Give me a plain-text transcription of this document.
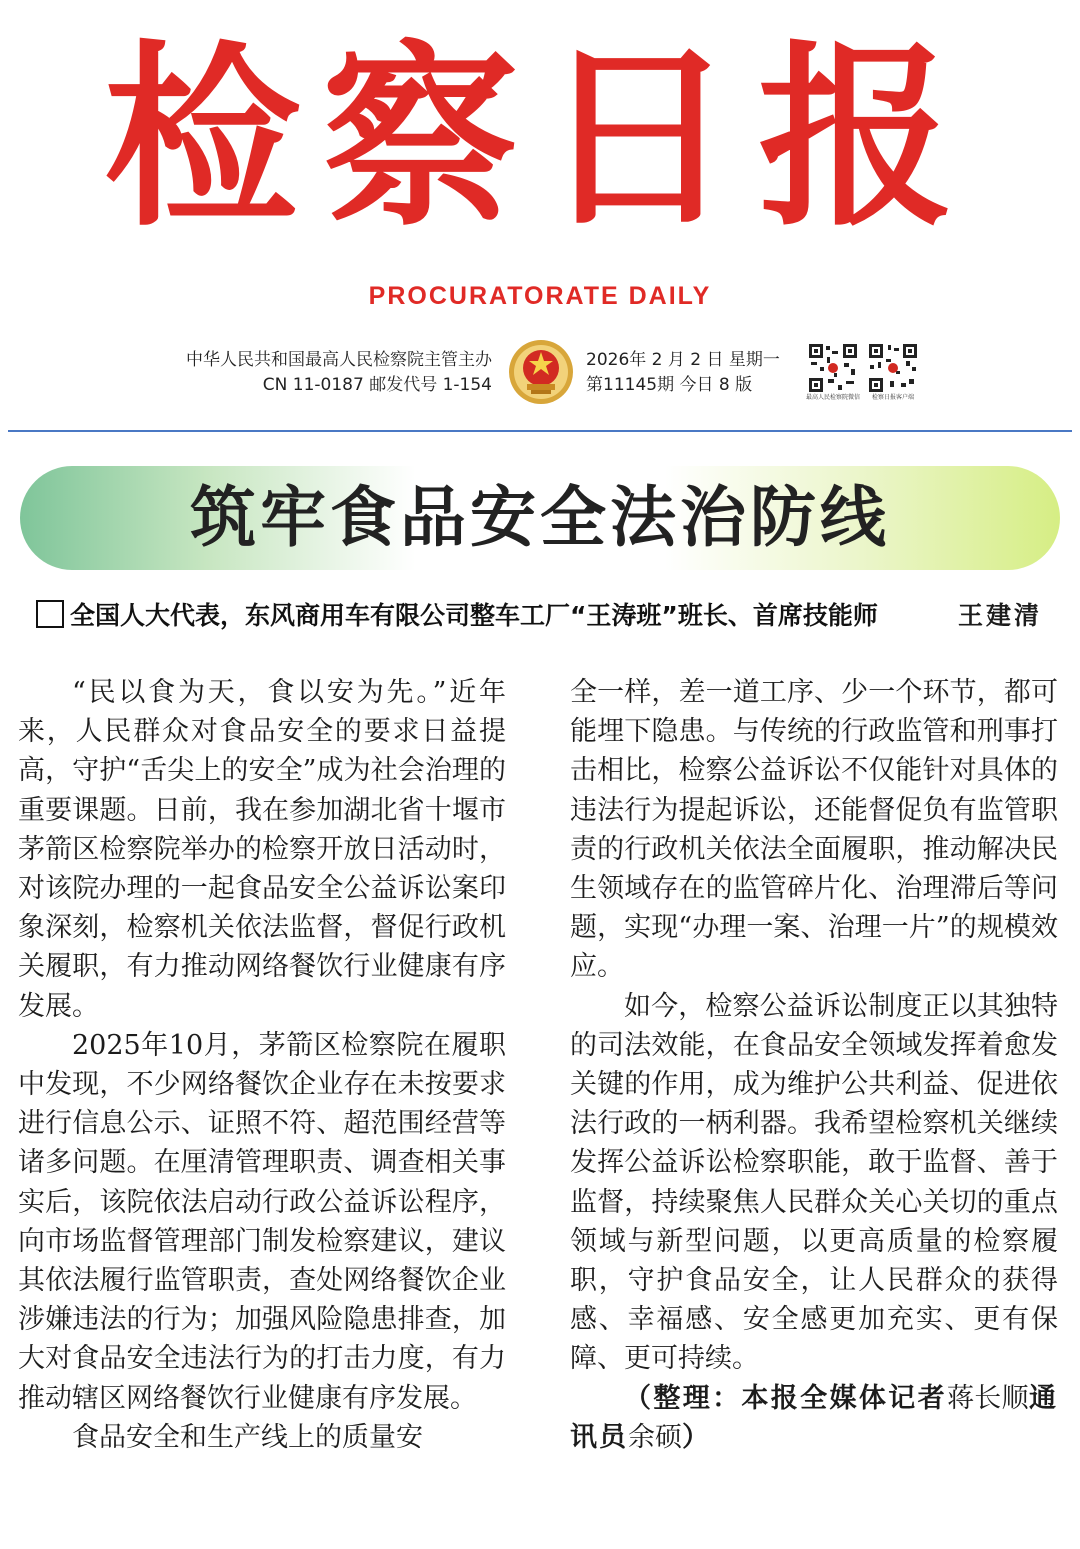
检察日报
PROCURATORATE DAILY
中华人民共和国最高人民检察院主管主办
CN 11-0187 邮发代号 1-154
2026年 2 月 2 日 星期一
第11145期 今日 8 版
最高人民检察院微信	检察日报客户端
筑牢食品安全法治防线
全国人大代表，东风商用车有限公司整车工厂“王涛班”班长、首席技能师	王建清

“民以食为天，食以安为先。”近年来，人民群众对食品安全的要求日益提高，守护“舌尖上的安全”成为社会治理的重要课题。日前，我在参加湖北省十堰市茅箭区检察院举办的检察开放日活动时，对该院办理的一起食品安全公益诉讼案印象深刻，检察机关依法监督，督促行政机关履职，有力推动网络餐饮行业健康有序发展。

2025年10月，茅箭区检察院在履职中发现，不少网络餐饮企业存在未按要求进行信息公示、证照不符、超范围经营等诸多问题。在厘清管理职责、调查相关事实后，该院依法启动行政公益诉讼程序，向市场监督管理部门制发检察建议，建议其依法履行监管职责，查处网络餐饮企业涉嫌违法的行为；加强风险隐患排查，加大对食品安全违法行为的打击力度，有力推动辖区网络餐饮行业健康有序发展。

食品安全和生产线上的质量安

全一样，差一道工序、少一个环节，都可能埋下隐患。与传统的行政监管和刑事打击相比，检察公益诉讼不仅能针对具体的违法行为提起诉讼，还能督促负有监管职责的行政机关依法全面履职，推动解决民生领域存在的监管碎片化、治理滞后等问题，实现“办理一案、治理一片”的规模效应。

如今，检察公益诉讼制度正以其独特的司法效能，在食品安全领域发挥着愈发关键的作用，成为维护公共利益、促进依法行政的一柄利器。我希望检察机关继续发挥公益诉讼检察职能，敢于监督、善于监督，持续聚焦人民群众关心关切的重点领域与新型问题，以更高质量的检察履职，守护食品安全，让人民群众的获得感、幸福感、安全感更加充实、更有保障、更可持续。

（整理：本报全媒体记者蒋长顺通讯员余硕）
